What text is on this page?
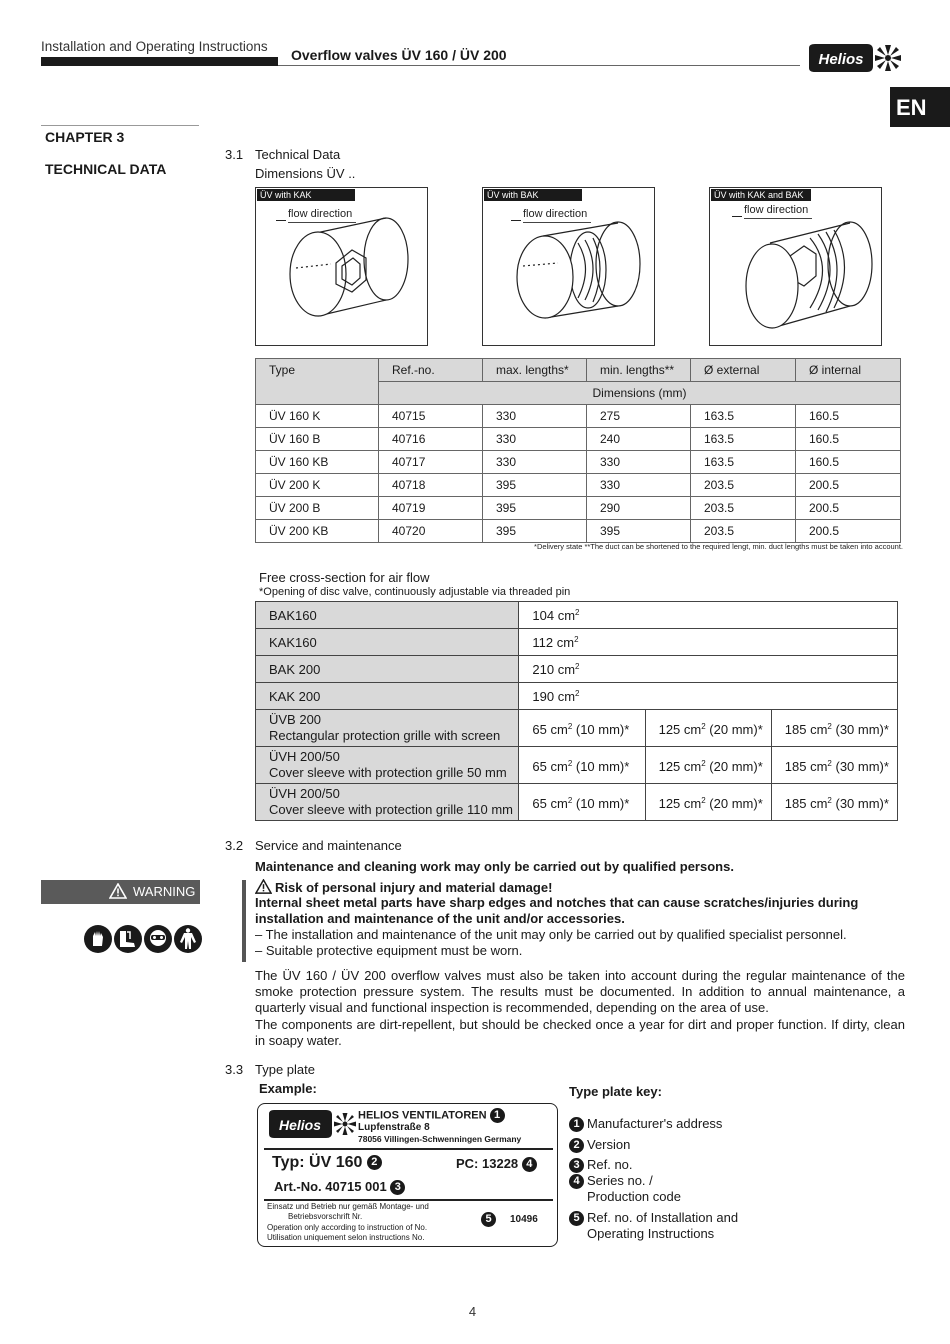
Installation and Operating Instructions
Overflow valves ÜV 160 / ÜV 200	Helios
EN
CHAPTER 3
TECHNICAL DATA
3.1 Technical Data
Dimensions ÜV ..
ÜV with KAK
flow direction
ÜV with BAK
flow direction
ÜV with KAK and BAK
flow direction
Type	Ref.-no.	max. lengths*	min. lengths**	Ø external	Ø internal
	Dimensions (mm)				
ÜV 160 K	40715	330	275	163.5	160.5
ÜV 160 B	40716	330	240	163.5	160.5
ÜV 160 KB	40717	330	330	163.5	160.5
ÜV 200 K	40718	395	330	203.5	200.5
ÜV 200 B	40719	395	290	203.5	200.5
ÜV 200 KB	40720	395	395	203.5	200.5
*Delivery state **The duct can be shortened to the required lengt, min. duct lengths must be taken into account.
Free cross-section for air flow
*Opening of disc valve, continuously adjustable via threaded pin
BAK160	104 $cm^2$
KAK160	112 $cm^2$
BAK 200	210 $cm^2$
KAK 200	190 $cm^2$

ÜVB 200
Rectangular protection grille with screen	65 $cm^2$ (10 mm)*	125 $cm^2$ (20 mm)*	185 $cm^2$ (30 mm)*

ÜVH 200/50
Cover sleeve with protection grille 50 mm	65 $cm^2$ (10 mm)*	125 $cm^2$ (20 mm)*	185 $cm^2$ (30 mm)*

ÜVH 200/50
Cover sleeve with protection grille 110 mm	65 $cm^2$ (10 mm)*	125 $cm^2$ (20 mm)*	185 $cm^2$ (30 mm)*
3.2 Service and maintenance
Maintenance and cleaning work may only be carried out by qualified persons.
WARNING	Risk of personal injury and material damage!
Internal sheet metal parts have sharp edges and notches that can cause scratches/injuries during installation and maintenance of the unit and/or accessories.
– The installation and maintenance of the unit may only be carried out by qualified specialist personnel.
– Suitable protective equipment must be worn.
The ÜV 160 / ÜV 200 overflow valves must also be taken into account during the regular maintenance of the smoke protection pressure system. The results must be documented. In addition to annual maintenance, a quarterly visual and functional inspection is recommended, depending on the area of use.
The components are dirt-repellent, but should be checked once a year for dirt and proper function. If dirty, clean in soapy water.
3.3 Type plate
Example:
Helios
HELIOS VENTILATOREN 1
Lupfenstraße 8
78056 Villingen-Schwenningen Germany
Typ: ÜV 160 2	PC: 13228 4
Art.-No. 40715 001 3
Einsatz und Betrieb nur gemäß Montage- und
Betriebsvorschrift Nr.
Operation only according to instruction of No.
Utilisation uniquement selon instructions No.
5	10496
Type plate key:
1 Manufacturer's address
2 Version
3 Ref. no.
4 Series no. /
Production code
5 Ref. no. of Installation and
Operating Instructions
4
